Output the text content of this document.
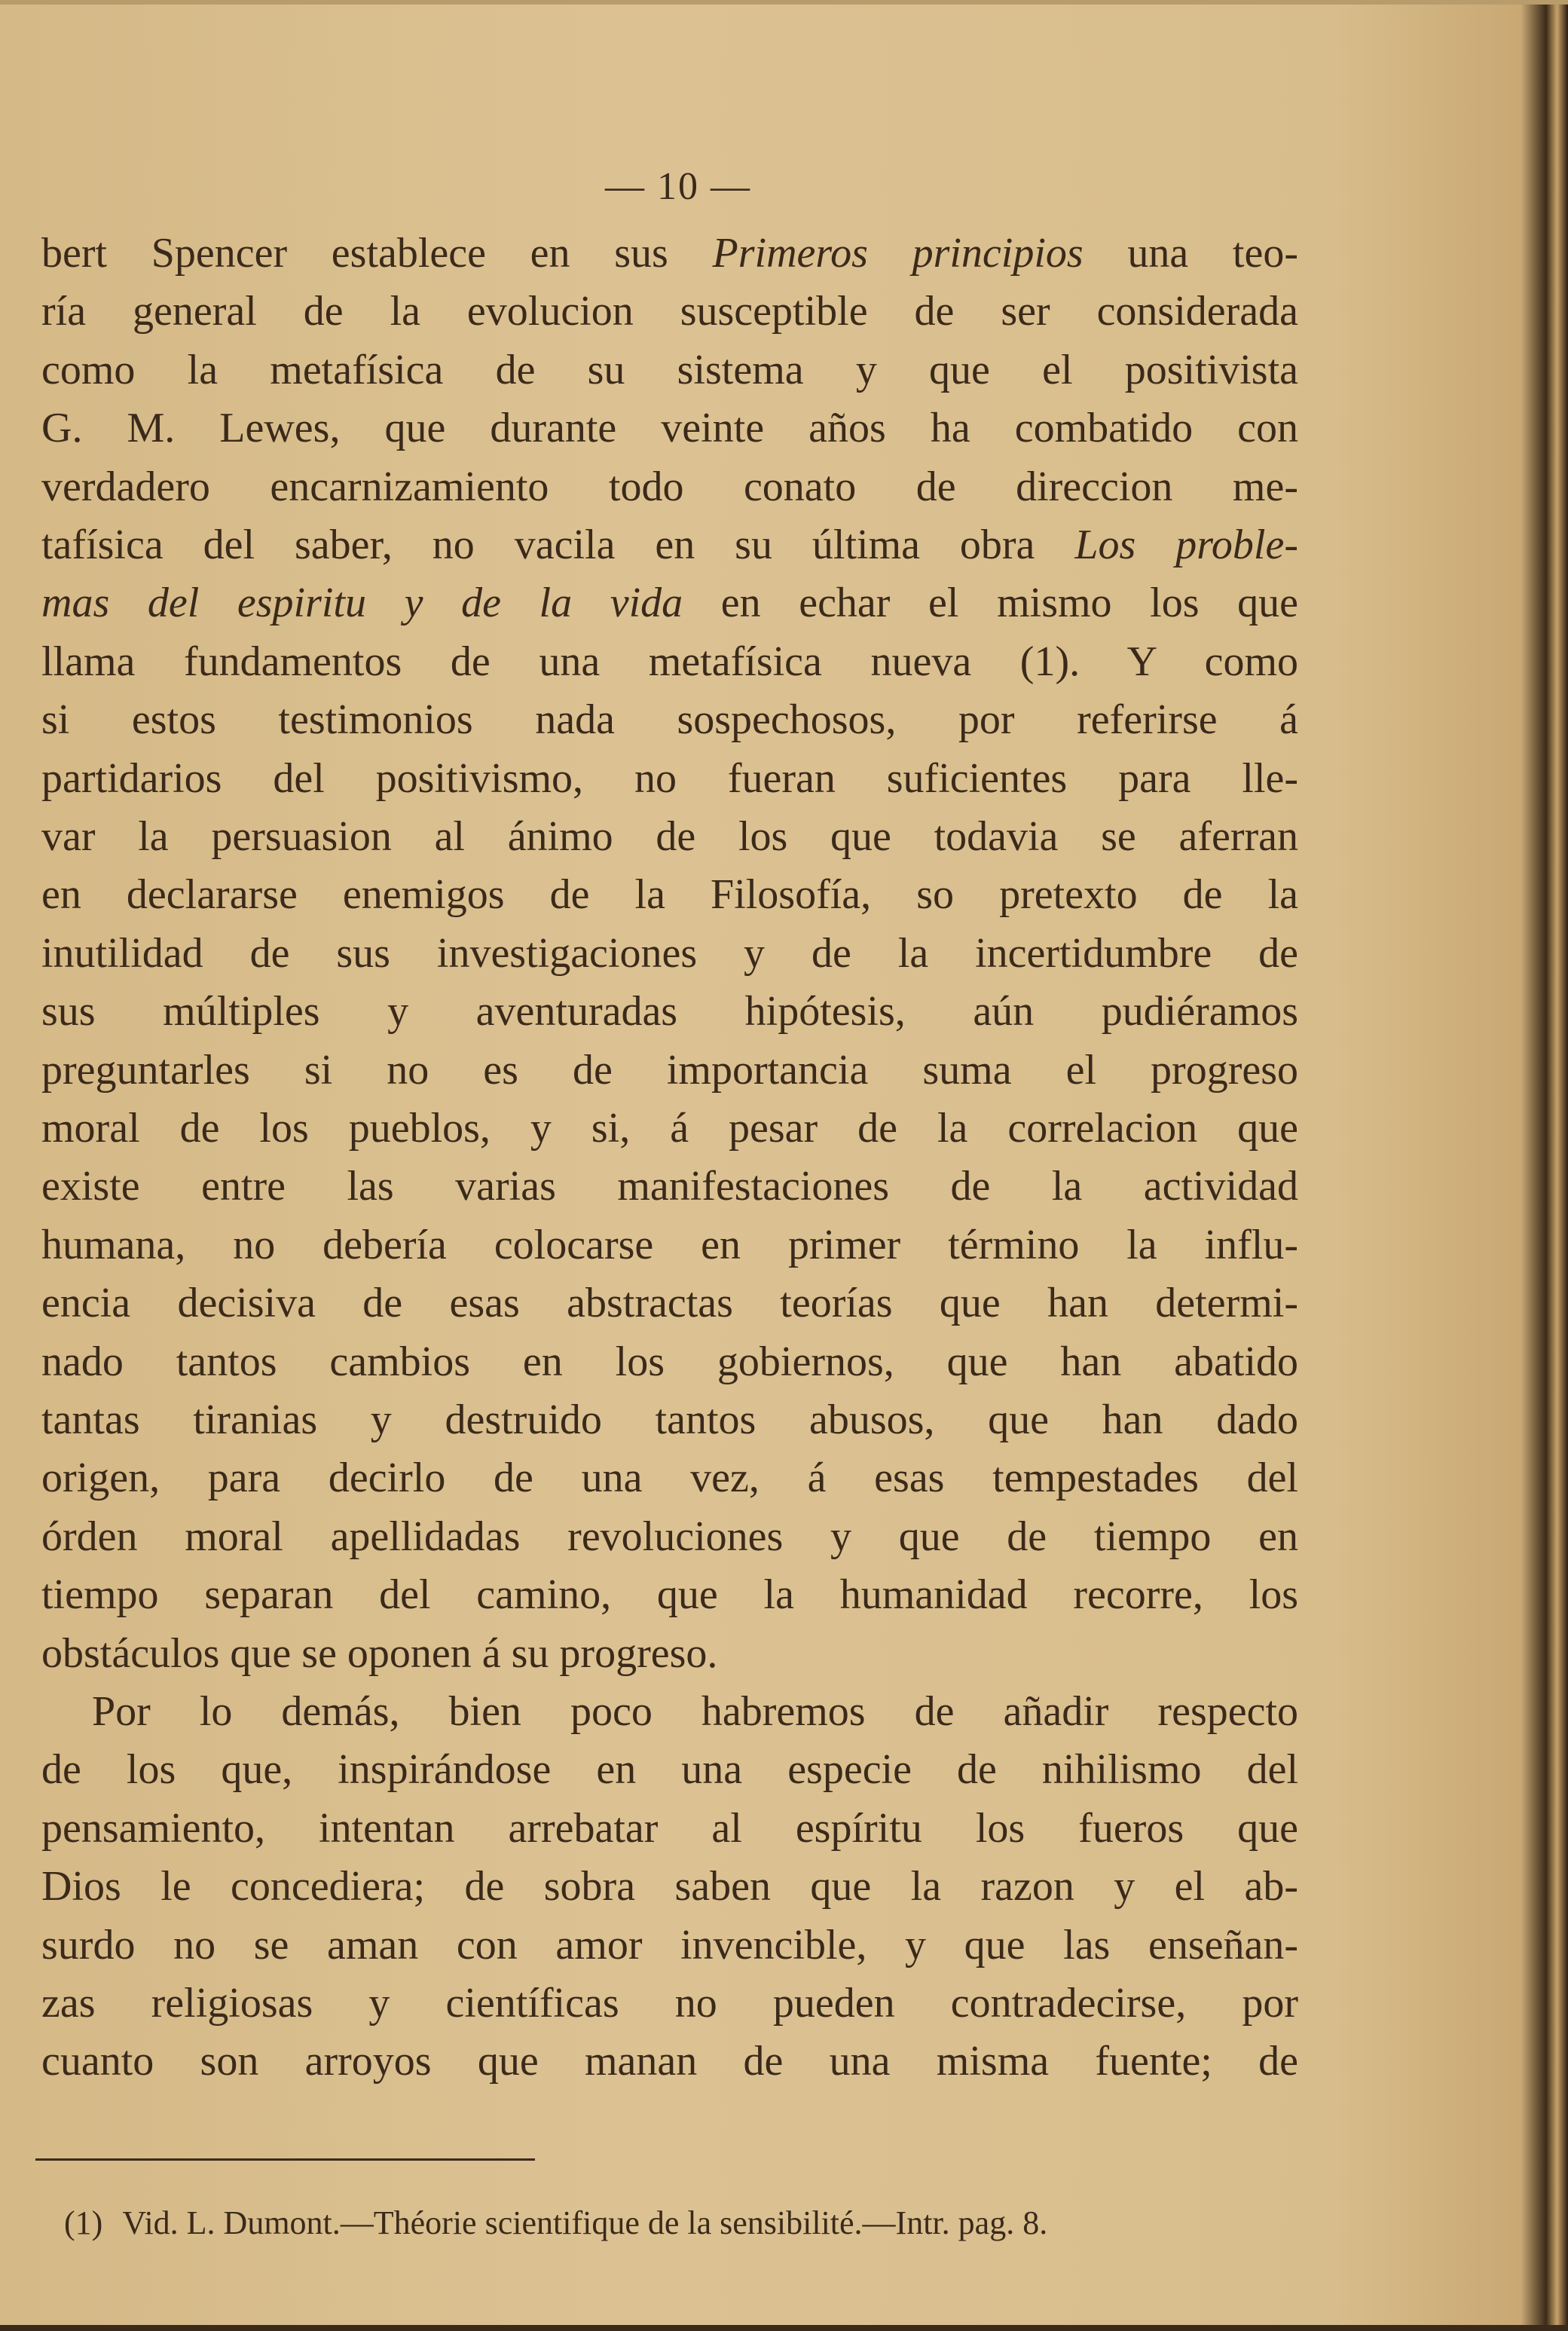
— 10 —
bert Spencer establece en sus Primeros principios una teo-
ría general de la evolucion susceptible de ser considerada
como la metafísica de su sistema y que el positivista
G. M. Lewes, que durante veinte años ha combatido con
verdadero encarnizamiento todo conato de direccion me-
tafísica del saber, no vacila en su última obra Los proble-
mas del espiritu y de la vida en echar el mismo los que
llama fundamentos de una metafísica nueva (1). Y como
si estos testimonios nada sospechosos, por referirse á
partidarios del positivismo, no fueran suficientes para lle-
var la persuasion al ánimo de los que todavia se aferran
en declararse enemigos de la Filosofía, so pretexto de la
inutilidad de sus investigaciones y de la incertidumbre de
sus múltiples y aventuradas hipótesis, aún pudiéramos
preguntarles si no es de importancia suma el progreso
moral de los pueblos, y si, á pesar de la correlacion que
existe entre las varias manifestaciones de la actividad
humana, no debería colocarse en primer término la influ-
encia decisiva de esas abstractas teorías que han determi-
nado tantos cambios en los gobiernos, que han abatido
tantas tiranias y destruido tantos abusos, que han dado
origen, para decirlo de una vez, á esas tempestades del
órden moral apellidadas revoluciones y que de tiempo en
tiempo separan del camino, que la humanidad recorre, los
obstáculos que se oponen á su progreso.
Por lo demás, bien poco habremos de añadir respecto
de los que, inspirándose en una especie de nihilismo del
pensamiento, intentan arrebatar al espíritu los fueros que
Dios le concediera; de sobra saben que la razon y el ab-
surdo no se aman con amor invencible, y que las enseñan-
zas religiosas y científicas no pueden contradecirse, por
cuanto son arroyos que manan de una misma fuente; de
(1) Vid. L. Dumont.—Théorie scientifique de la sensibilité.—Intr. pag. 8.
